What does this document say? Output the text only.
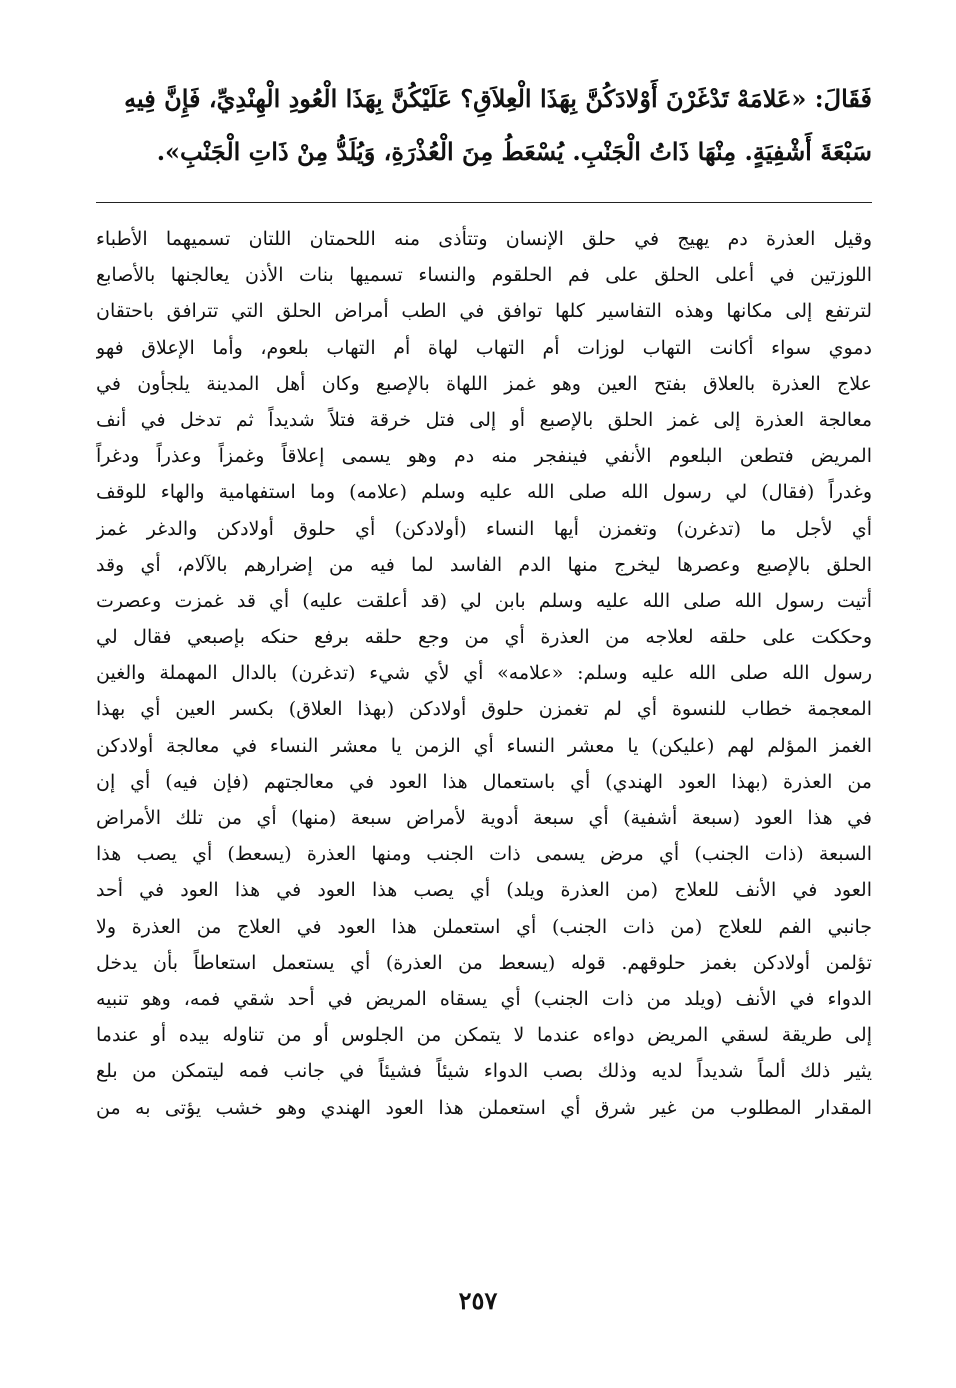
فَقَالَ: «عَلامَهْ تَدْغَرْنَ أَوْلادَكُنَّ بِهَذَا الْعِلاَقِ؟ عَلَيْكُنَّ بِهَذَا الْعُودِ الْهِنْدِيِّ، فَإِنَّ فِيهِ
سَبْعَةَ أَشْفِيَةٍ. مِنْهَا ذَاتُ الْجَنْبِ. يُسْعَطُ مِنَ الْعُذْرَةِ، وَيُلَدُّ مِنْ ذَاتِ الْجَنْبِ».
وقيل العذرة دم يهيج في حلق الإنسان وتتأذى منه اللحمتان اللتان تسميهما الأطباء
اللوزتين في أعلى الحلق على فم الحلقوم والنساء تسميها بنات الأذن يعالجنها بالأصابع
لترتفع إلى مكانها وهذه التفاسير كلها توافق في الطب أمراض الحلق التي تترافق باحتقان
دموي سواء أكانت التهاب لوزات أم التهاب لهاة أم التهاب بلعوم، وأما الإعلاق فهو
علاج العذرة بالعلاق بفتح العين وهو غمز اللهاة بالإصبع وكان أهل المدينة يلجأون في
معالجة العذرة إلى غمز الحلق بالإصبع أو إلى فتل خرقة فتلاً شديداً ثم تدخل في أنف
المريض فتطعن البلعوم الأنفي فينفجر منه دم وهو يسمى إعلاقاً وغمزاً وعذراً ودغراً
وغدراً (فقال) لي رسول الله صلى الله عليه وسلم (علامه) وما استفهامية والهاء للوقف
أي لأجل ما (تدغرن) وتغمزن أيها النساء (أولادكن) أي حلوق أولادكن والدغر غمز
الحلق بالإصبع وعصرها ليخرج منها الدم الفاسد لما فيه من إضرارهم بالآلام، أي وقد
أتيت رسول الله صلى الله عليه وسلم بابن لي (قد أعلقت عليه) أي قد غمزت وعصرت
وحككت على حلقه لعلاجه من العذرة أي من وجع حلقه برفع حنكه بإصبعي فقال لي
رسول الله صلى الله عليه وسلم: «علامه» أي لأي شيء (تدغرن) بالدال المهملة والغين
المعجمة خطاب للنسوة أي لم تغمزن حلوق أولادكن (بهذا العلاق) بكسر العين أي بهذا
الغمز المؤلم لهم (عليكن) يا معشر النساء أي الزمن يا معشر النساء في معالجة أولادكن
من العذرة (بهذا العود الهندي) أي باستعمال هذا العود في معالجتهم (فإن فيه) أي إن
في هذا العود (سبعة أشفية) أي سبعة أدوية لأمراض سبعة (منها) أي من تلك الأمراض
السبعة (ذات الجنب) أي مرض يسمى ذات الجنب ومنها العذرة (يسعط) أي يصب هذا
العود في الأنف للعلاج (من العذرة ويلد) أي يصب هذا العود في هذا العود في أحد
جانبي الفم للعلاج (من ذات الجنب) أي استعملن هذا العود في العلاج من العذرة ولا
تؤلمن أولادكن بغمز حلوقهم. قوله (يسعط من العذرة) أي يستعمل استعاطاً بأن يدخل
الدواء في الأنف (ويلد من ذات الجنب) أي يسقاه المريض في أحد شقي فمه، وهو تنبيه
إلى طريقة لسقي المريض دواءه عندما لا يتمكن من الجلوس أو من تناوله بيده أو عندما
يثير ذلك ألماً شديداً لديه وذلك بصب الدواء شيئاً فشيئاً في جانب فمه ليتمكن من بلع
المقدار المطلوب من غير شرق أي استعملن هذا العود الهندي وهو خشب يؤتى به من
٢٥٧
